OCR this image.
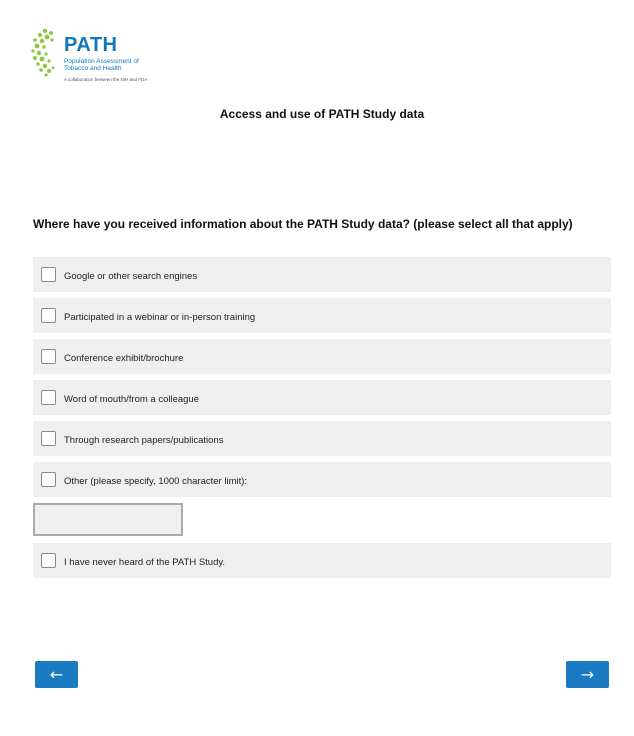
PATH
Population Assessment of Tobacco and Health
A collaboration between the NIH and FDA
Access and use of PATH Study data
Where have you received information about the PATH Study data? (please select all that apply)
Google or other search engines
Participated in a webinar or in-person training
Conference exhibit/brochure
Word of mouth/from a colleague
Through research papers/publications
Other (please specify, 1000 character limit):
I have never heard of the PATH Study.
←	→
